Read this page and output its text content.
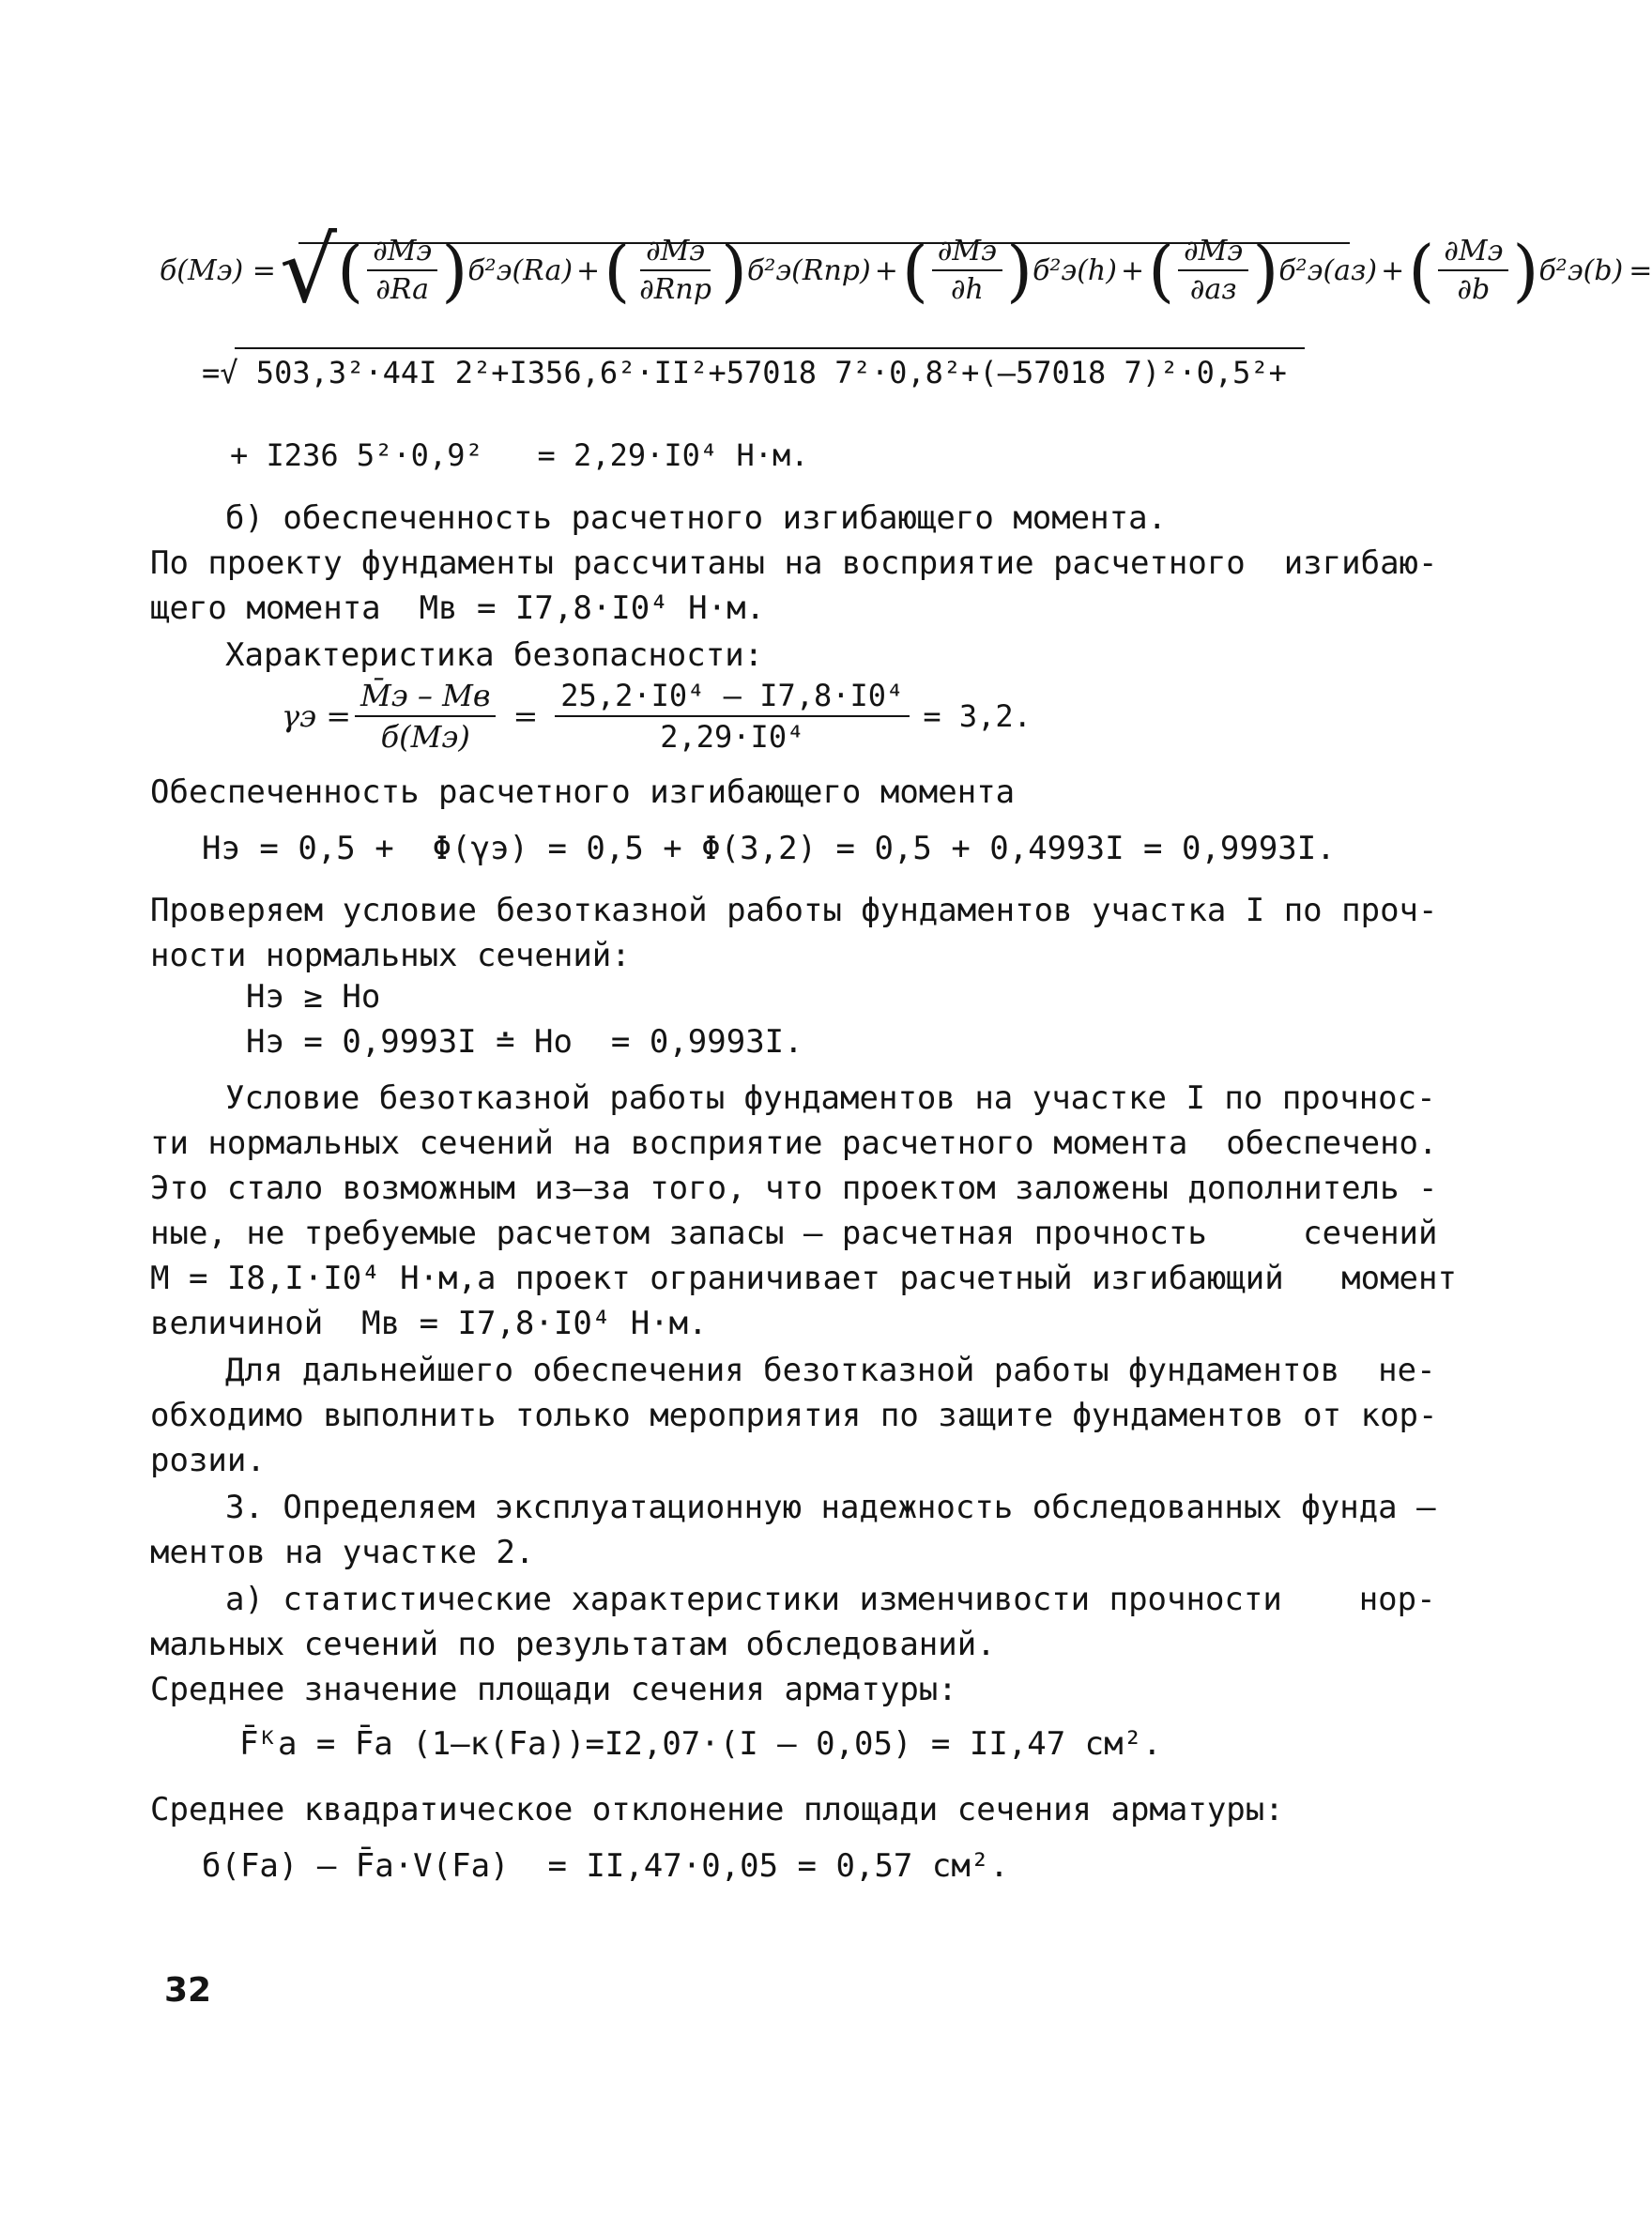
б(Mэ) = √ ( $\frac{\partial Mэ}{\partial Ra}$ ) б²э(Ra) + ( $\frac{\partial Mэ}{\text{∂Rпр}}$ ) б²э(Rпр) + ( $\frac{\partial Mэ}{\partial h}$ ) б²э(h) + ( $\frac{\partial Mэ}{\partial aз}$ ) б²э(aз) + ( $\frac{\partial Mэ}{\partial b}$ ) б²э(b) =
=√ 503,3²·44I 2²+I356,6²·II²+57018 7²·0,8²+(–57018 7)²·0,5²+
+ I236 5²·0,9²   = 2,29·I0⁴ Н·м.
б) обеспеченность расчетного изгибающего момента.
По проекту фундаменты рассчитаны на восприятие расчетного  изгибаю-
щего момента  Mв = I7,8·I0⁴ Н·м.
Характеристика безопасности:
$\gamma э = \frac{M̄э - Mв}{б(Mэ)} = \frac{\text{25,2·I0⁴ – I7,8·I0⁴}}{\text{2,29·I0⁴}} = 3,2$.
Обеспеченность расчетного изгибающего момента
Hэ = 0,5 +  Φ(γэ) = 0,5 + Φ(3,2) = 0,5 + 0,4993I = 0,9993I.
Проверяем условие безотказной работы фундаментов участка I по проч-
ности нормальных сечений:
Hэ ≥ Hо
Hэ = 0,9993I ≐ Hо  = 0,9993I.
Условие безотказной работы фундаментов на участке I по прочнос-
ти нормальных сечений на восприятие расчетного момента  обеспечено.
Это стало возможным из–за того, что проектом заложены дополнитель -
ные, не требуемые расчетом запасы – расчетная прочность     сечений
M = I8,I·I0⁴ Н·м,а проект ограничивает расчетный изгибающий   момент
величиной  Mв = I7,8·I0⁴ Н·м.
Для дальнейшего обеспечения безотказной работы фундаментов  не-
обходимо выполнить только мероприятия по защите фундаментов от кор-
розии.
3. Определяем эксплуатационную надежность обследованных фунда –
ментов на участке 2.
а) статистические характеристики изменчивости прочности    нор-
мальных сечений по результатам обследований.
Среднее значение площади сечения арматуры:
F̄ᴷa = F̄a (1–κ(Fa))=I2,07·(I – 0,05) = II,47 см².
Среднее квадратическое отклонение площади сечения арматуры:
б(Fa) – F̄a·V(Fa)  = II,47·0,05 = 0,57 см².
32
